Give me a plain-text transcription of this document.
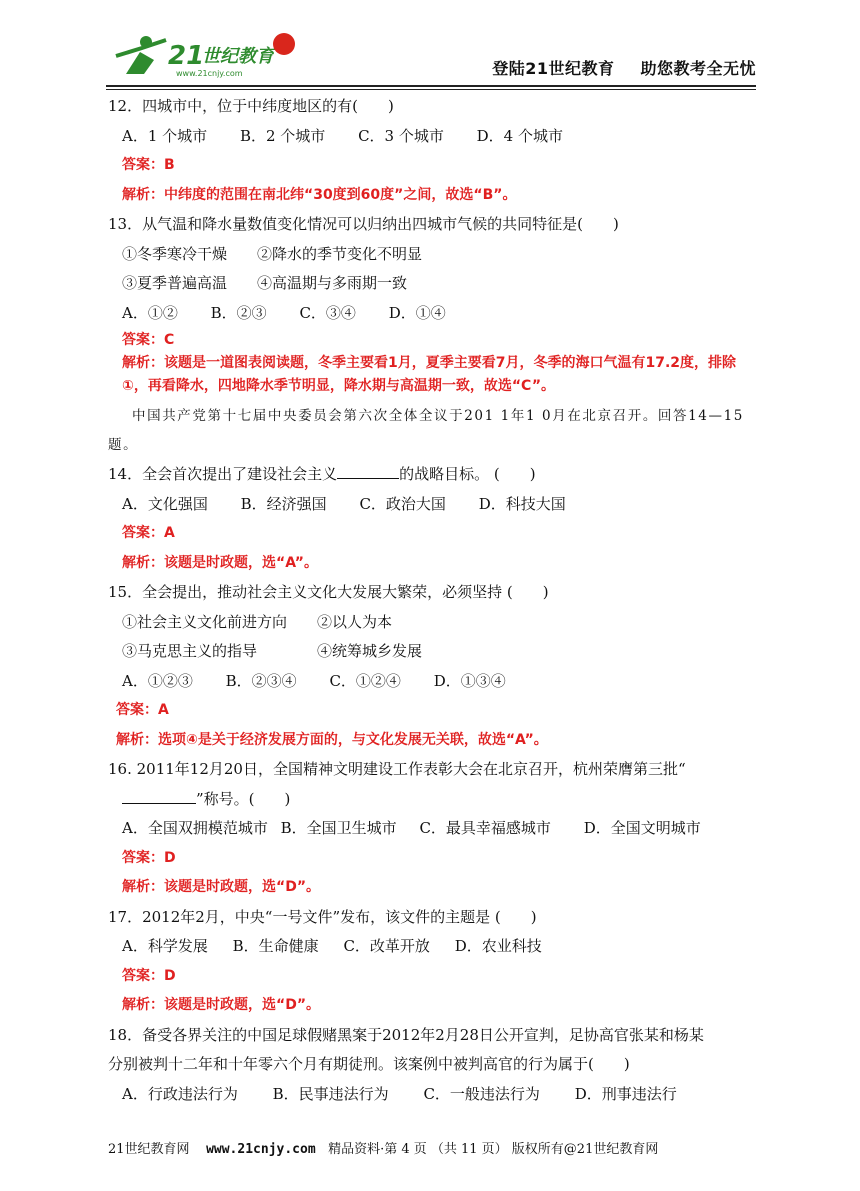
21
世纪教育
www.21cnjy.com	登陆21世纪教育 助您教考全无忧
12．四城市中，位于中纬度地区的有(　　)
A．1 个城市 B．2 个城市 C．3 个城市 D．4 个城市
答案：B
解析：中纬度的范围在南北纬“30度到60度”之间，故选“B”。
13．从气温和降水量数值变化情况可以归纳出四城市气候的共同特征是(　　)
①冬季寒冷干燥　　②降水的季节变化不明显
③夏季普遍高温　　④高温期与多雨期一致
A．①② B．②③ C．③④ D．①④
答案：C
解析：该题是一道图表阅读题，冬季主要看1月，夏季主要看7月，冬季的海口气温有17.2度，排除①，再看降水，四地降水季节明显，降水期与高温期一致，故选“C”。
中国共产党第十七届中央委员会第六次全体全议于201 1年1 0月在北京召开。回答14—15题。
14．全会首次提出了建设社会主义	的战略目标。 (　　)
A．文化强国 B．经济强国 C．政治大国 D．科技大国
答案：A
解析：该题是时政题，选“A”。
15．全会提出，推动社会主义文化大发展大繁荣，必须坚持 (　　)
①社会主义文化前进方向　　②以人为本
③马克思主义的指导　　　　④统筹城乡发展
A．①②③ B．②③④ C．①②④ D．①③④
答案：A
解析：选项④是关于经济发展方面的，与文化发展无关联，故选“A”。
16. 2011年12月20日，全国精神文明建设工作表彰大会在北京召开，杭州荣膺第三批“
”称号。(　　)
A．全国双拥模范城市 B．全国卫生城市 C．最具幸福感城市 D．全国文明城市
答案：D
解析：该题是时政题，选“D”。
17．2012年2月，中央“一号文件”发布，该文件的主题是 (　　)
A．科学发展 B．生命健康 C．改革开放 D．农业科技
答案：D
解析：该题是时政题，选“D”。
18．备受各界关注的中国足球假赌黑案于2012年2月28日公开宣判，足协高官张某和杨某
分别被判十二年和十年零六个月有期徒刑。该案例中被判高官的行为属于(　　)
A．行政违法行为 B．民事违法行为 C．一般违法行为 D．刑事违法行
21世纪教育网 www.21cnjy.com 精品资料·第 4 页 （共 11 页） 版权所有@21世纪教育网
